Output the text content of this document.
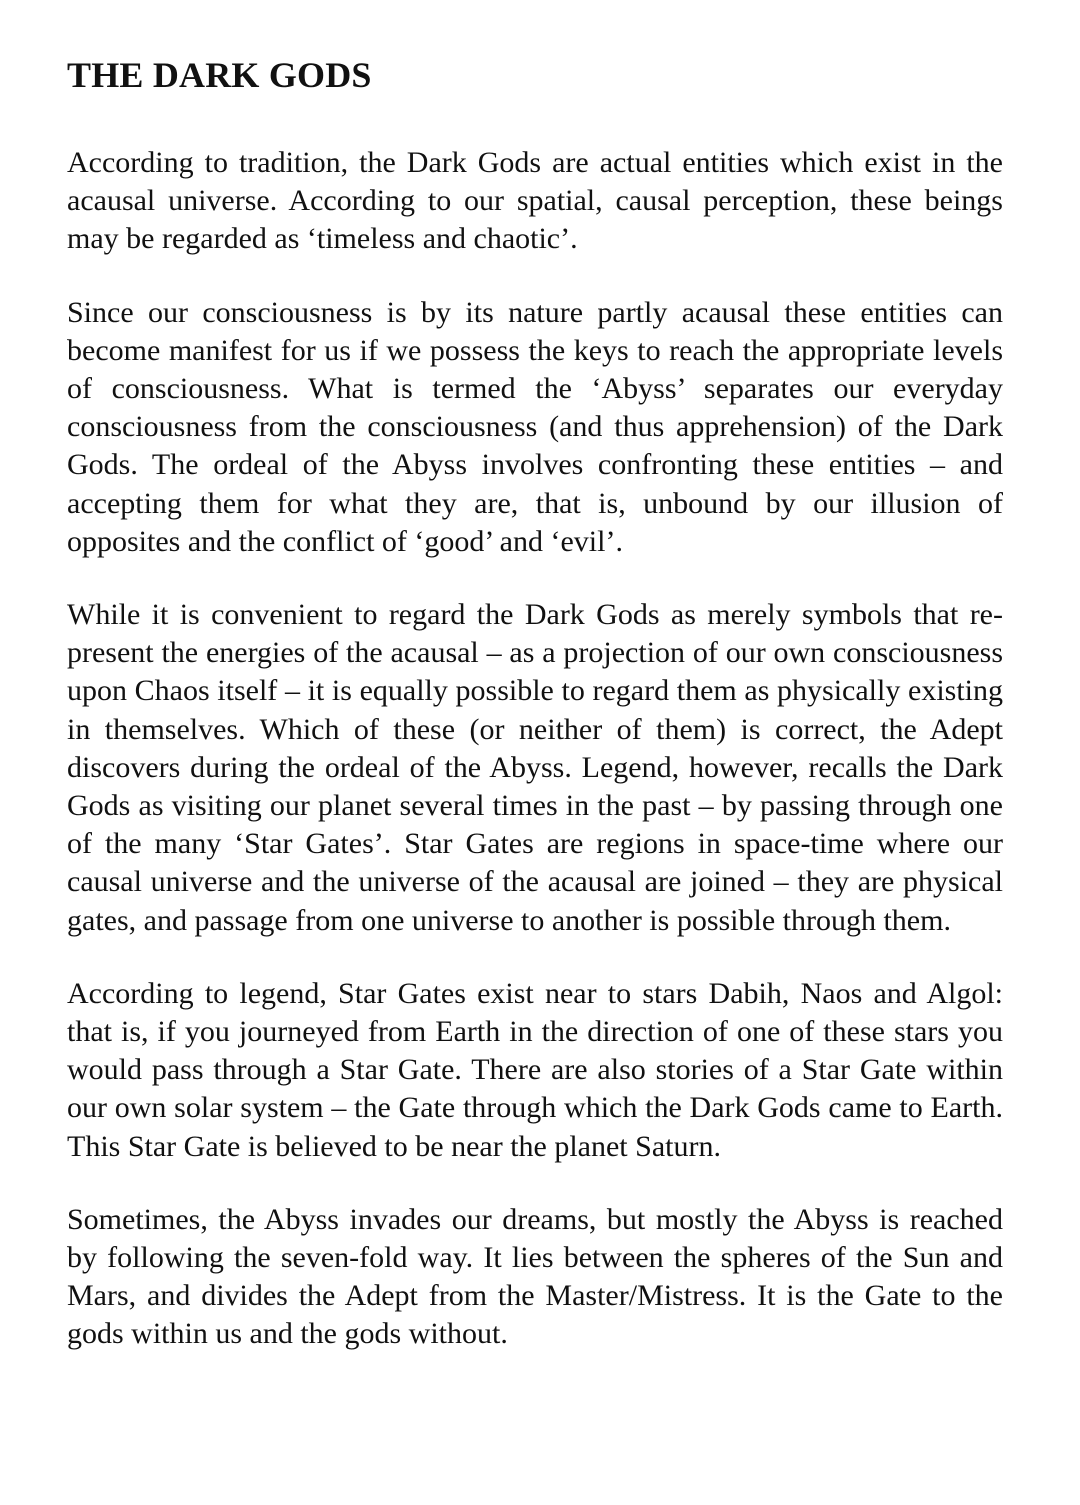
THE DARK GODS

According to tradition, the Dark Gods are actual entities which exist in the acausal universe. According to our spatial, causal perception, these beings may be regarded as ‘timeless and chaotic’.

Since our consciousness is by its nature partly acausal these entities can become manifest for us if we possess the keys to reach the appropriate levels of consciousness. What is termed the ‘Abyss’ separates our everyday consciousness from the consciousness (and thus apprehension) of the Dark Gods. The ordeal of the Abyss involves confronting these entities – and accepting them for what they are, that is, unbound by our illusion of opposites and the conflict of ‘good’ and ‘evil’.

While it is convenient to regard the Dark Gods as merely symbols that re-present the energies of the acausal – as a projection of our own consciousness upon Chaos itself – it is equally possible to regard them as physically existing in themselves. Which of these (or neither of them) is correct, the Adept discovers during the ordeal of the Abyss. Legend, however, recalls the Dark Gods as visiting our planet several times in the past – by passing through one of the many ‘Star Gates’. Star Gates are regions in space-time where our causal universe and the universe of the acausal are joined – they are physical gates, and passage from one universe to another is possible through them.

According to legend, Star Gates exist near to stars Dabih, Naos and Algol: that is, if you journeyed from Earth in the direction of one of these stars you would pass through a Star Gate. There are also stories of a Star Gate within our own solar system – the Gate through which the Dark Gods came to Earth. This Star Gate is believed to be near the planet Saturn.

Sometimes, the Abyss invades our dreams, but mostly the Abyss is reached by following the seven-fold way. It lies between the spheres of the Sun and Mars, and divides the Adept from the Master/Mistress. It is the Gate to the gods within us and the gods without.
